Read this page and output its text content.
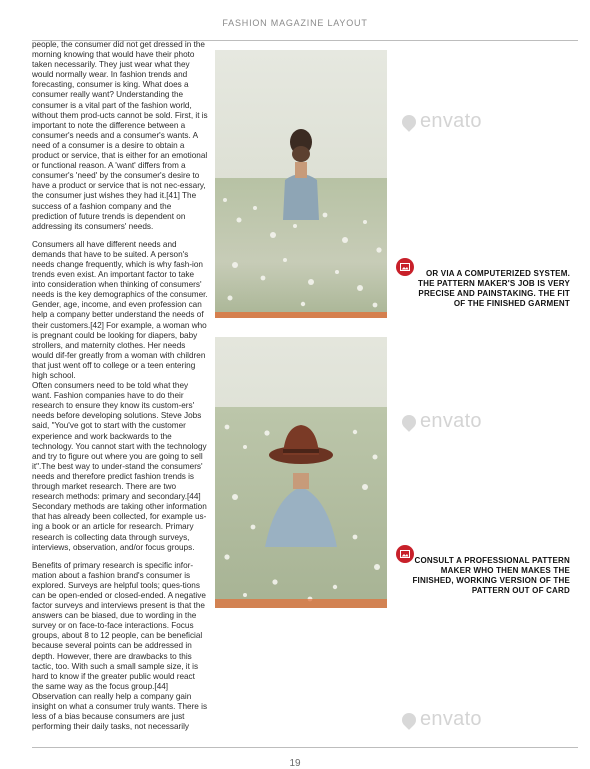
FASHION MAGAZINE LAYOUT

people, the consumer did not get dressed in the morning knowing that would have their photo taken necessarily. They just wear what they would normally wear. In fashion trends and forecasting, consumer is king. What does a consumer really want? Understanding the consumer is a vital part of the fashion world, without them prod-ucts cannot be sold. First, it is important to note the difference between a consumer's needs and a consumer's wants. A need of a consumer is a desire to obtain a product or service, that is either for an emotional or functional reason. A 'want' differs from a consumer's 'need' by the consumer's desire to have a product or service that is not nec-essary, the consumer just wishes they had it.[41] The success of a fashion company and the prediction of future trends is dependent on addressing its consumers' needs.

Consumers all have different needs and demands that have to be suited. A person's needs change frequently, which is why fash-ion trends even exist. An important factor to take into consideration when thinking of consumers' needs is the key demographics of the consumer. Gender, age, income, and even profession can help a company better understand the needs of their customers.[42] For example, a woman who is pregnant could be looking for diapers, baby strollers, and maternity clothes. Her needs would dif-fer greatly from a woman with children that just went off to college or a teen entering high school.
Often consumers need to be told what they want. Fashion companies have to do their research to ensure they know its custom-ers' needs before developing solutions. Steve Jobs said, "You've got to start with the customer experience and work backwards to the technology. You cannot start with the technology and try to figure out where you are going to sell it".The best way to under-stand the consumers' needs and therefore predict fashion trends is through market research. There are two research methods: primary and secondary.[44] Secondary methods are taking other information that has already been collected, for example us-ing a book or an article for research. Primary research is collecting data through surveys, interviews, observation, and/or focus groups.

Benefits of primary research is specific infor-mation about a fashion brand's consumer is explored. Surveys are helpful tools; ques-tions can be open-ended or closed-ended. A negative factor surveys and interviews present is that the answers can be biased, due to wording in the survey or on face-to-face interactions. Focus groups, about 8 to 12 people, can be beneficial because several points can be addressed in depth. However, there are drawbacks to this tactic, too. With such a small sample size, it is hard to know if the greater public would react the same way as the focus group.[44] Observation can really help a company gain insight on what a consumer truly wants. There is less of a bias because consumers are just performing their daily tasks, not necessarily

envato
envato
envato
OR VIA A COMPUTERIZED SYSTEM. THE PATTERN MAKER'S JOB IS VERY PRECISE AND PAINSTAKING. THE FIT OF THE FINISHED GARMENT
CONSULT A PROFESSIONAL PATTERN MAKER WHO THEN MAKES THE FINISHED, WORKING VERSION OF THE PATTERN OUT OF CARD
19
